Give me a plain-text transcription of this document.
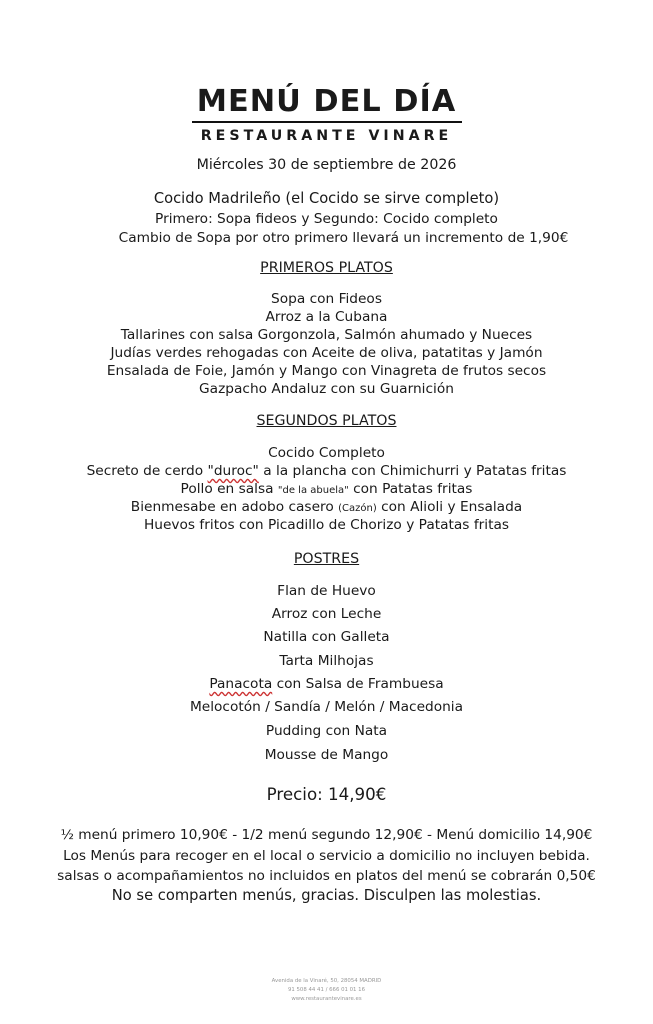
MENÚ DEL DÍA
RESTAURANTE VINARE
Miércoles 30 de septiembre de 2026
Cocido Madrileño (el Cocido se sirve completo)
Primero: Sopa fideos y Segundo: Cocido completo
Cambio de Sopa por otro primero llevará un incremento de 1,90€
PRIMEROS PLATOS
Sopa con Fideos
Arroz a la Cubana
Tallarines con salsa Gorgonzola, Salmón ahumado y Nueces
Judías verdes rehogadas con Aceite de oliva, patatitas y Jamón
Ensalada de Foie, Jamón y Mango con Vinagreta de frutos secos
Gazpacho Andaluz con su Guarnición
SEGUNDOS PLATOS
Cocido Completo
Secreto de cerdo "duroc" a la plancha con Chimichurri y Patatas fritas
Pollo en salsa "de la abuela" con Patatas fritas
Bienmesabe en adobo casero (Cazón) con Alioli y Ensalada
Huevos fritos con Picadillo de Chorizo y Patatas fritas
POSTRES
Flan de Huevo
Arroz con Leche
Natilla con Galleta
Tarta Milhojas
Panacota con Salsa de Frambuesa
Melocotón / Sandía / Melón / Macedonia
Pudding con Nata
Mousse de Mango
Precio: 14,90€
½ menú primero 10,90€ - 1/2 menú segundo 12,90€ - Menú domicilio 14,90€
Los Menús para recoger en el local o servicio a domicilio no incluyen bebida.
salsas o acompañamientos no incluidos en platos del menú se cobrarán 0,50€
No se comparten menús, gracias. Disculpen las molestias.
Avenida de la Vinaré, 50, 28054 MADRID
91 508 44 41 / 666 01 01 16
www.restaurantevinare.es
